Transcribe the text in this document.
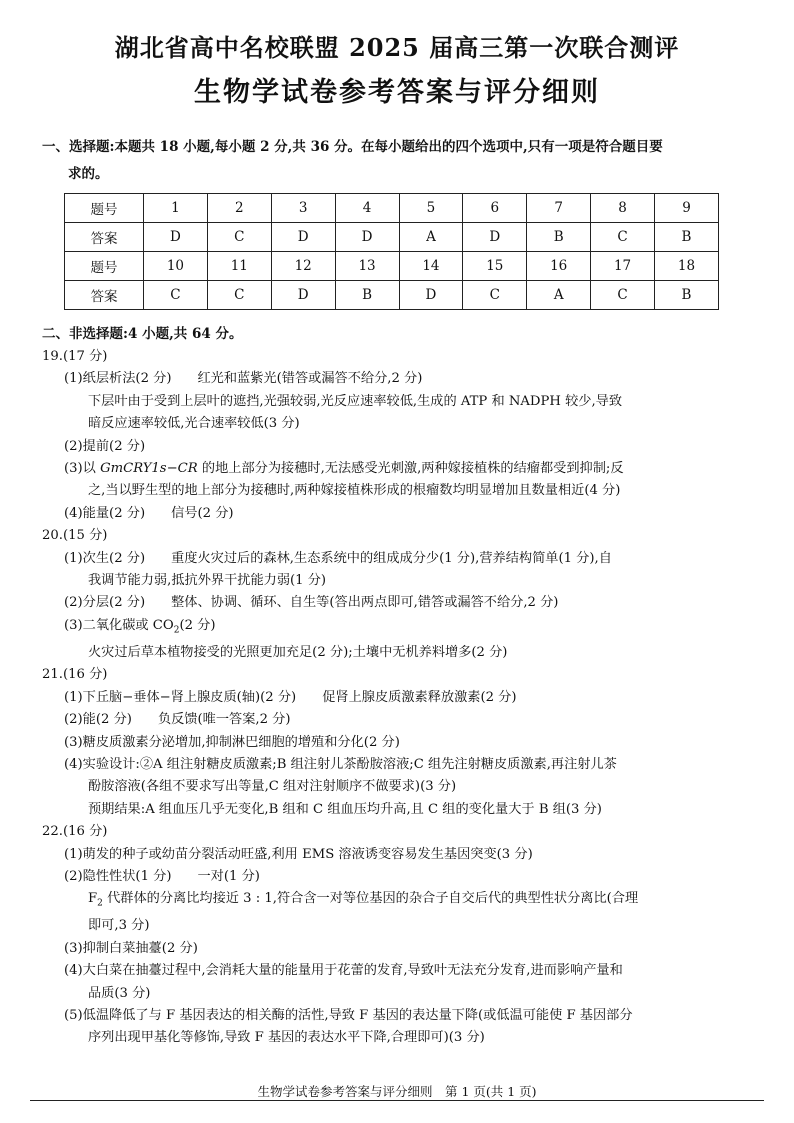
湖北省高中名校联盟 2025 届高三第一次联合测评
生物学试卷参考答案与评分细则
一、选择题:本题共 18 小题,每小题 2 分,共 36 分。在每小题给出的四个选项中,只有一项是符合题目要
求的。
题号	1	2	3	4	5	6	7	8	9
答案	D	C	D	D	A	D	B	C	B
题号	10	11	12	13	14	15	16	17	18
答案	C	C	D	B	D	C	A	C	B
二、非选择题:4 小题,共 64 分。
19.(17 分)
(1)纸层析法(2 分) 红光和蓝紫光(错答或漏答不给分,2 分)
下层叶由于受到上层叶的遮挡,光强较弱,光反应速率较低,生成的 ATP 和 NADPH 较少,导致
暗反应速率较低,光合速率较低(3 分)
(2)提前(2 分)
(3)以 GmCRY1s−CR 的地上部分为接穗时,无法感受光刺激,两种嫁接植株的结瘤都受到抑制;反
之,当以野生型的地上部分为接穗时,两种嫁接植株形成的根瘤数均明显增加且数量相近(4 分)
(4)能量(2 分) 信号(2 分)
20.(15 分)
(1)次生(2 分) 重度火灾过后的森林,生态系统中的组成成分少(1 分),营养结构简单(1 分),自
我调节能力弱,抵抗外界干扰能力弱(1 分)
(2)分层(2 分) 整体、协调、循环、自生等(答出两点即可,错答或漏答不给分,2 分)
(3)二氧化碳或 $CO_2(2$ 分)
火灾过后草本植物接受的光照更加充足(2 分);土壤中无机养料增多(2 分)
21.(16 分)
(1)下丘脑−垂体−肾上腺皮质(轴)(2 分) 促肾上腺皮质激素释放激素(2 分)
(2)能(2 分) 负反馈(唯一答案,2 分)
(3)糖皮质激素分泌增加,抑制淋巴细胞的增殖和分化(2 分)
(4)实验设计:②A 组注射糖皮质激素;B 组注射儿茶酚胺溶液;C 组先注射糖皮质激素,再注射儿茶
酚胺溶液(各组不要求写出等量,C 组对注射顺序不做要求)(3 分)
预期结果:A 组血压几乎无变化,B 组和 C 组血压均升高,且 C 组的变化量大于 B 组(3 分)
22.(16 分)
(1)萌发的种子或幼苗分裂活动旺盛,利用 EMS 溶液诱变容易发生基因突变(3 分)
(2)隐性性状(1 分) 一对(1 分)
$F_2$ 代群体的分离比均接近 3 : 1,符合含一对等位基因的杂合子自交后代的典型性状分离比(合理
即可,3 分)
(3)抑制白菜抽薹(2 分)
(4)大白菜在抽薹过程中,会消耗大量的能量用于花蕾的发育,导致叶无法充分发育,进而影响产量和
品质(3 分)
(5)低温降低了与 F 基因表达的相关酶的活性,导致 F 基因的表达量下降(或低温可能使 F 基因部分
序列出现甲基化等修饰,导致 F 基因的表达水平下降,合理即可)(3 分)
生物学试卷参考答案与评分细则　第 1 页(共 1 页)
